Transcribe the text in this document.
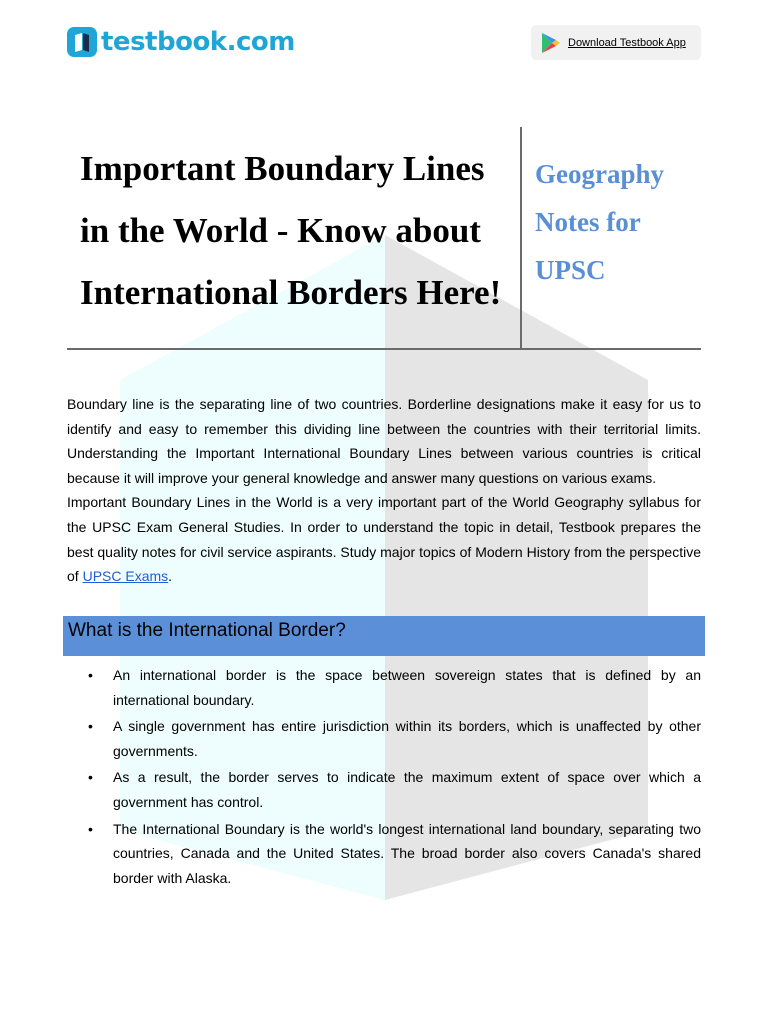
testbook.com	Download Testbook App
Important Boundary Lines in the World - Know about International Borders Here!
Geography Notes for UPSC

Boundary line is the separating line of two countries. Borderline designations make it easy for us to identify and easy to remember this dividing line between the countries with their territorial limits. Understanding the Important International Boundary Lines between various countries is critical because it will improve your general knowledge and answer many questions on various exams.

Important Boundary Lines in the World is a very important part of the World Geography syllabus for the UPSC Exam General Studies. In order to understand the topic in detail, Testbook prepares the best quality notes for civil service aspirants. Study major topics of Modern History from the perspective of UPSC Exams.

What is the International Border?
• An international border is the space between sovereign states that is defined by an international boundary.
• A single government has entire jurisdiction within its borders, which is unaffected by other governments.
• As a result, the border serves to indicate the maximum extent of space over which a government has control.
• The International Boundary is the world's longest international land boundary, separating two countries, Canada and the United States. The broad border also covers Canada's shared border with Alaska.
